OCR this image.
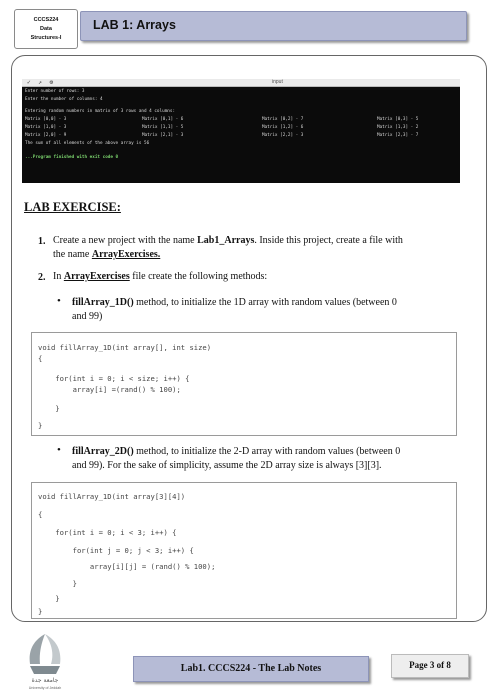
CCCS224
Data
Structures-I
LAB 1: Arrays
✓ ↗ ⚙	input
Enter number of rows: 3
Enter the number of columns: 4
Entering random numbers in matrix of 3 rows and 4 columns:
Matrix [0,0] - 3	Matrix [0,1] - 6	Matrix [0,2] - 7	Matrix [0,3] - 5
Matrix [1,0] - 3	Matrix [1,1] - 5	Matrix [1,2] - 6	Matrix [1,3] - 2
Matrix [2,0] - 9	Matrix [2,1] - 3	Matrix [2,2] - 3	Matrix [2,3] - 7
The sum of all elements of the above array is 56
...Program finished with exit code 0
LAB EXERCISE:
1. Create a new project with the name Lab1_Arrays. Inside this project, create a file with
the name ArrayExercises.
2. In ArrayExercises file create the following methods:
• fillArray_1D() method, to initialize the 1D array with random values (between 0
and 99)
void fillArray_1D(int array[], int size)
{
for(int i = 0; i < size; i++) {
array[i] =(rand() % 100);
}
}
• fillArray_2D() method, to initialize the 2-D array with random values (between 0
and 99). For the sake of simplicity, assume the 2D array size is always [3][3].
void fillArray_1D(int array[3][4])
{
for(int i = 0; i < 3; i++) {
for(int j = 0; j < 3; i++) {
array[i][j] = (rand() % 100);
}
}
}
جامعة جدة
University of Jeddah
Lab1. CCCS224 - The Lab Notes	Page 3 of 8
